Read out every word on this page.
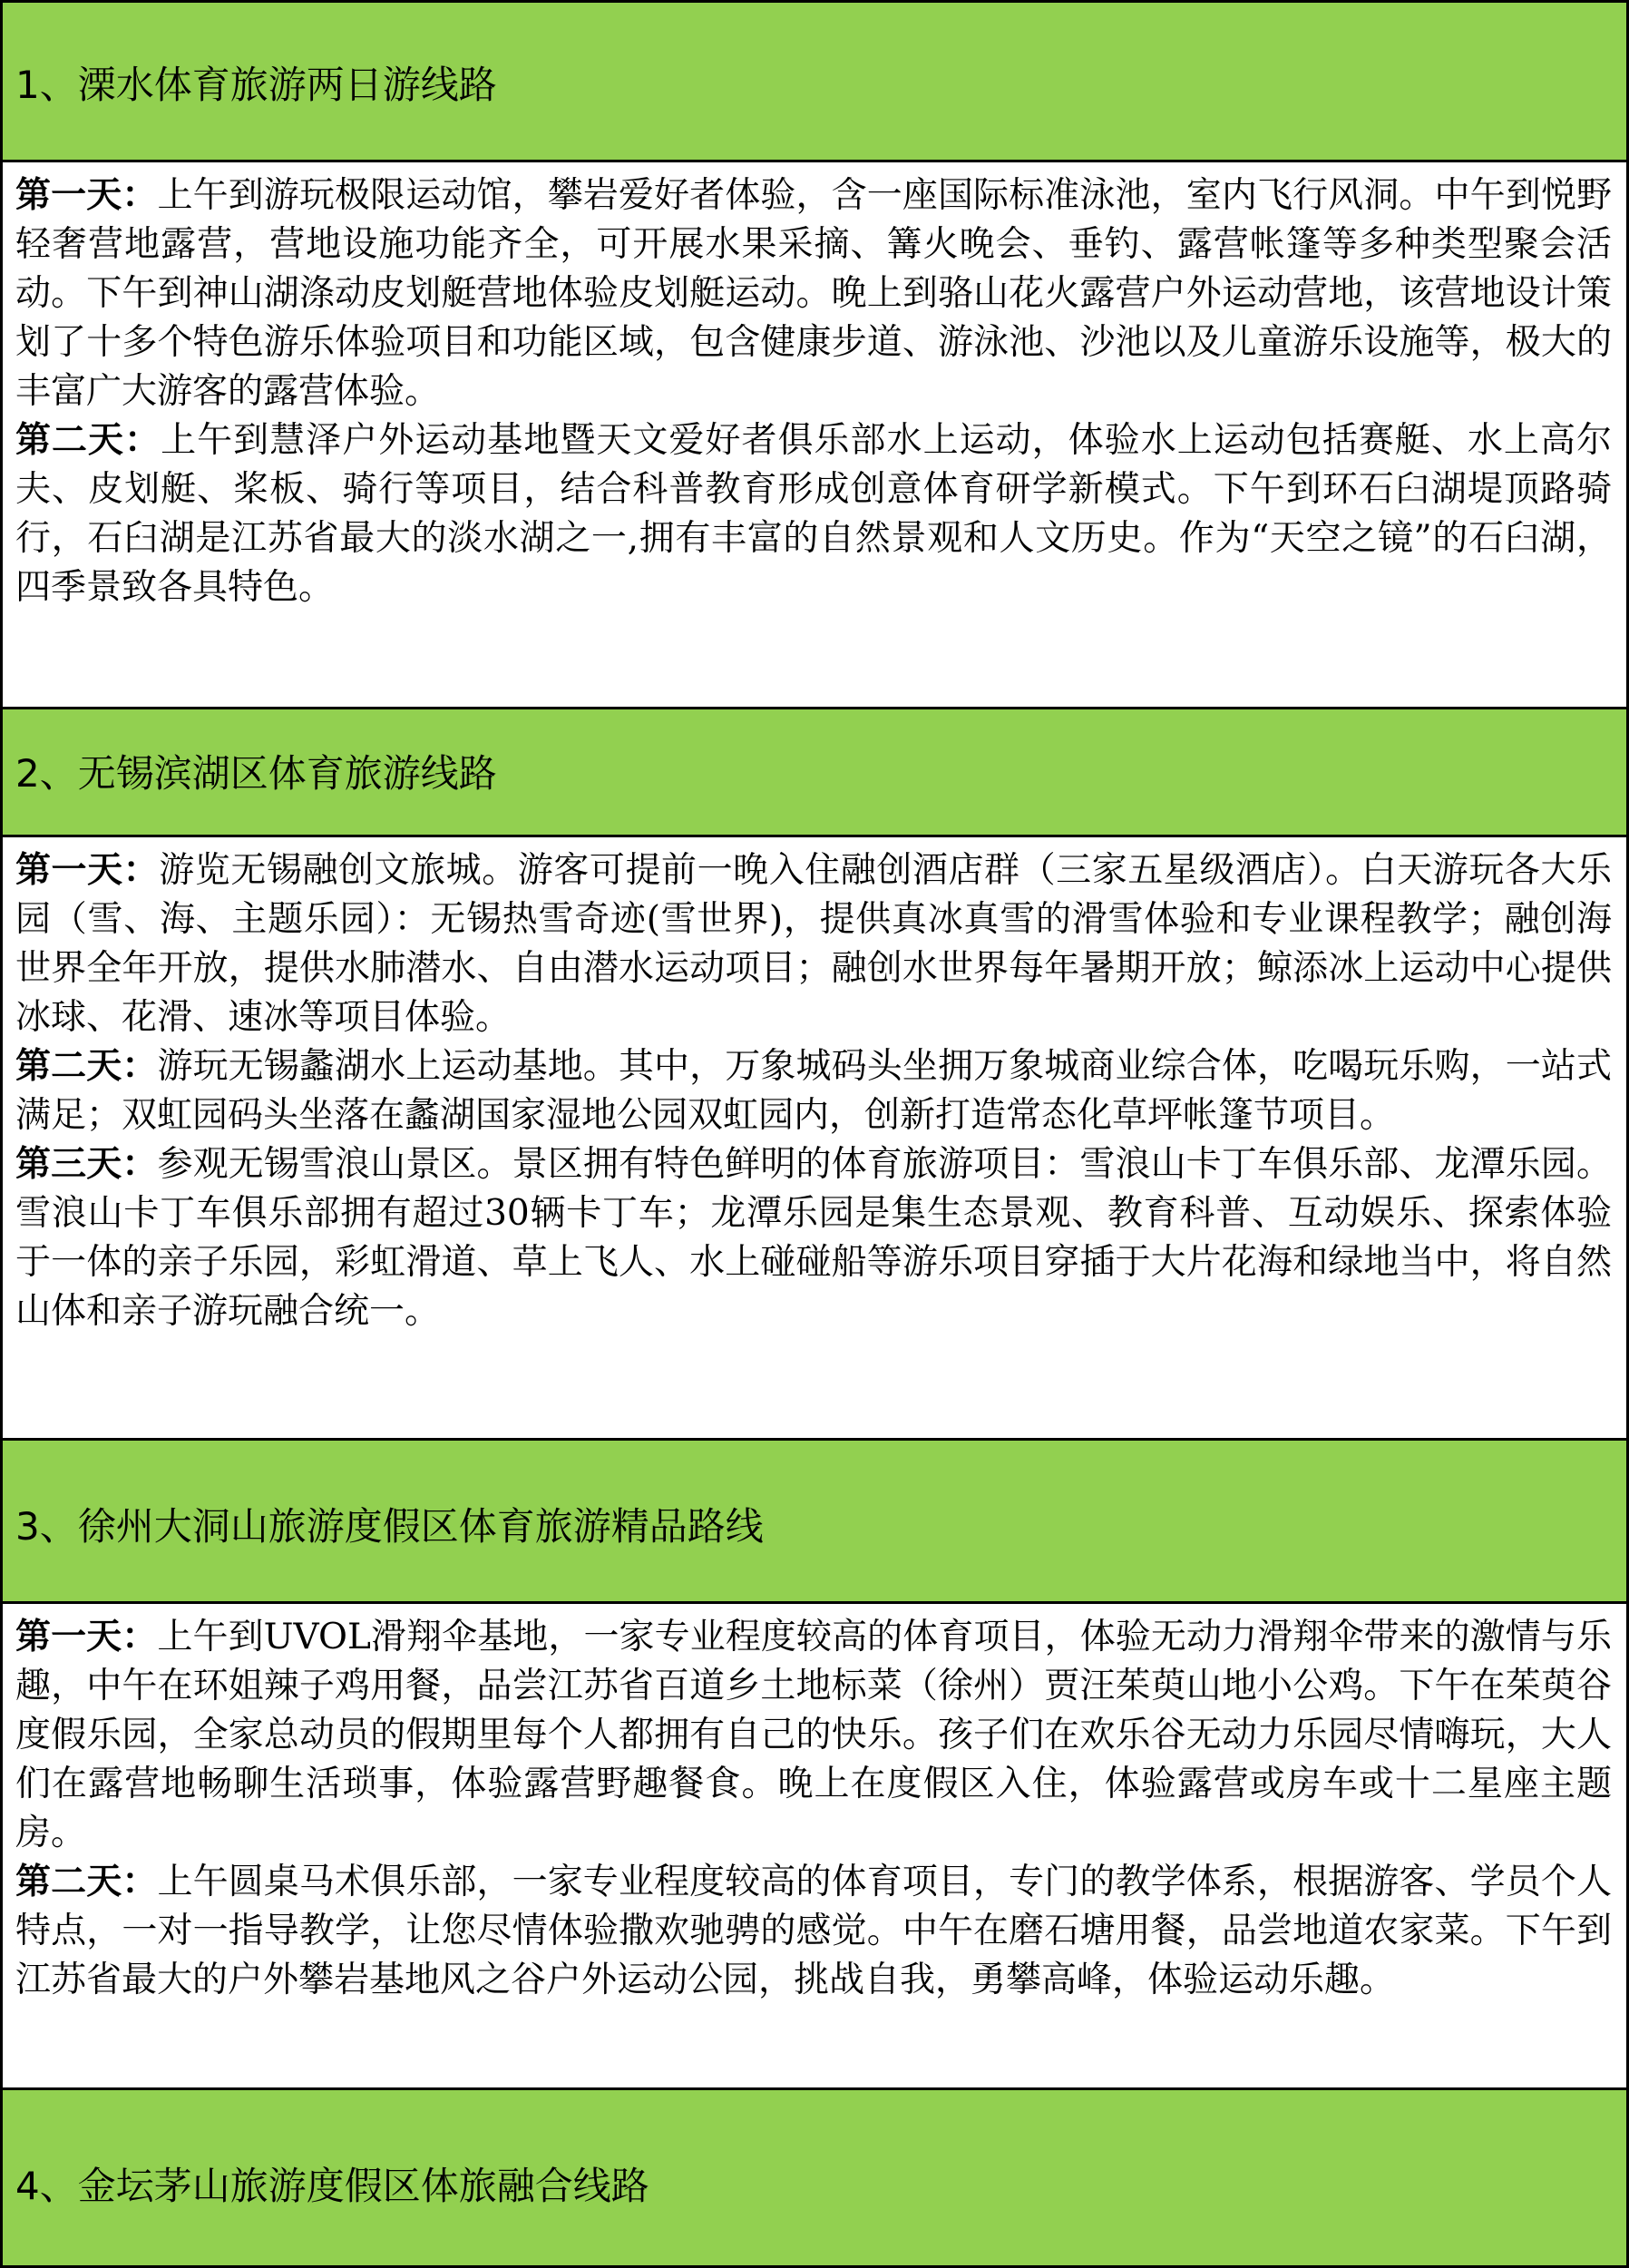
1、溧水体育旅游两日游线路

第一天：上午到游玩极限运动馆，攀岩爱好者体验，含一座国际标准泳池，室内飞行风洞。中午到悦野轻奢营地露营，营地设施功能齐全，可开展水果采摘、篝火晚会、垂钓、露营帐篷等多种类型聚会活动。下午到神山湖涤动皮划艇营地体验皮划艇运动。晚上到骆山花火露营户外运动营地，该营地设计策划了十多个特色游乐体验项目和功能区域，包含健康步道、游泳池、沙池以及儿童游乐设施等，极大的丰富广大游客的露营体验。

第二天：上午到慧泽户外运动基地暨天文爱好者俱乐部水上运动，体验水上运动包括赛艇、水上高尔夫、皮划艇、桨板、骑行等项目，结合科普教育形成创意体育研学新模式。下午到环石臼湖堤顶路骑行，石臼湖是江苏省最大的淡水湖之一,拥有丰富的自然景观和人文历史。作为“天空之镜”的石臼湖，四季景致各具特色。

2、无锡滨湖区体育旅游线路

第一天：游览无锡融创文旅城。游客可提前一晚入住融创酒店群（三家五星级酒店）。白天游玩各大乐园（雪、海、主题乐园）：无锡热雪奇迹(雪世界)，提供真冰真雪的滑雪体验和专业课程教学；融创海世界全年开放，提供水肺潜水、自由潜水运动项目；融创水世界每年暑期开放；鲸添冰上运动中心提供冰球、花滑、速冰等项目体验。

第二天：游玩无锡蠡湖水上运动基地。其中，万象城码头坐拥万象城商业综合体，吃喝玩乐购，一站式满足；双虹园码头坐落在蠡湖国家湿地公园双虹园内，创新打造常态化草坪帐篷节项目。

第三天：参观无锡雪浪山景区。景区拥有特色鲜明的体育旅游项目：雪浪山卡丁车俱乐部、龙潭乐园。雪浪山卡丁车俱乐部拥有超过30辆卡丁车；龙潭乐园是集生态景观、教育科普、互动娱乐、探索体验于一体的亲子乐园，彩虹滑道、草上飞人、水上碰碰船等游乐项目穿插于大片花海和绿地当中，将自然山体和亲子游玩融合统一。

3、徐州大洞山旅游度假区体育旅游精品路线

第一天：上午到UVOL滑翔伞基地，一家专业程度较高的体育项目，体验无动力滑翔伞带来的激情与乐趣，中午在环姐辣子鸡用餐，品尝江苏省百道乡土地标菜（徐州）贾汪茱萸山地小公鸡。下午在茱萸谷度假乐园，全家总动员的假期里每个人都拥有自己的快乐。孩子们在欢乐谷无动力乐园尽情嗨玩，大人们在露营地畅聊生活琐事，体验露营野趣餐食。晚上在度假区入住，体验露营或房车或十二星座主题房。

第二天：上午圆桌马术俱乐部，一家专业程度较高的体育项目，专门的教学体系，根据游客、学员个人特点，一对一指导教学，让您尽情体验撒欢驰骋的感觉。中午在磨石塘用餐，品尝地道农家菜。下午到江苏省最大的户外攀岩基地风之谷户外运动公园，挑战自我，勇攀高峰，体验运动乐趣。

4、金坛茅山旅游度假区体旅融合线路
